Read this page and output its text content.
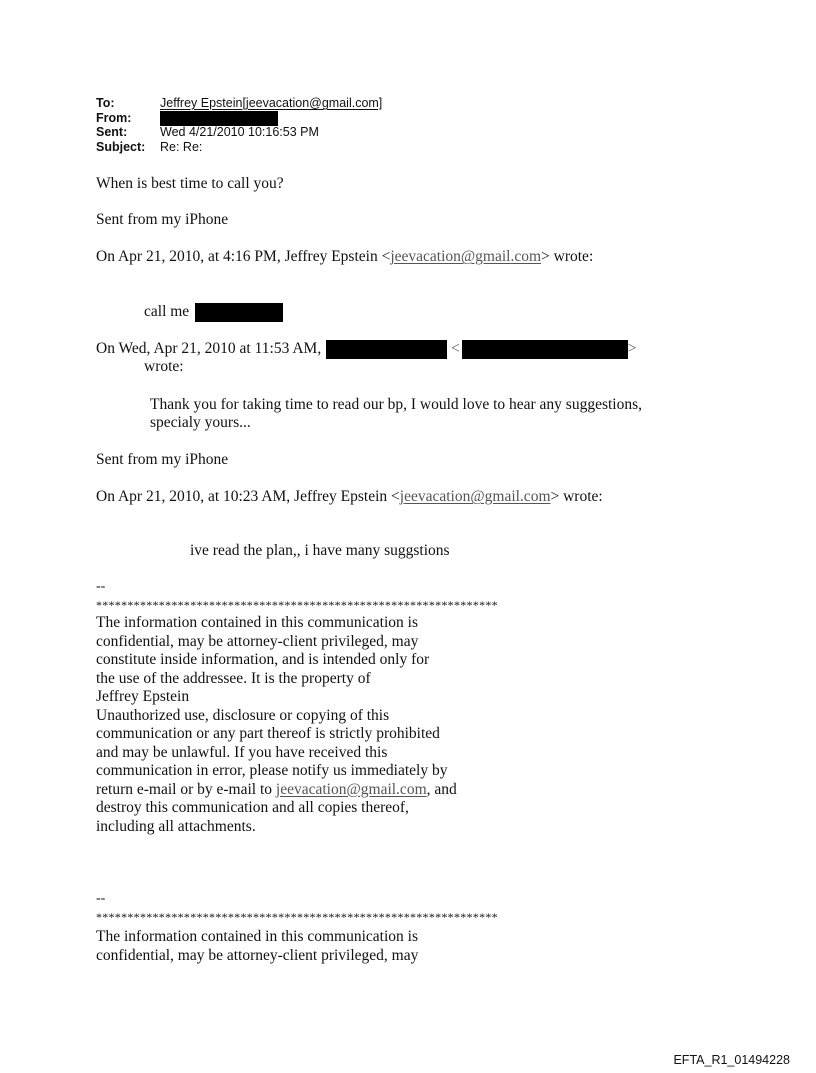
To:	Jeffrey Epstein[jeevacation@gmail.com]
From:
Sent:	Wed 4/21/2010 10:16:53 PM
Subject:	Re: Re:
When is best time to call you?
Sent from my iPhone
On Apr 21, 2010, at 4:16 PM, Jeffrey Epstein <jeevacation@gmail.com> wrote:
call me
On Wed, Apr 21, 2010 at 11:53 AM,	<	>
wrote:
Thank you for taking time to read our bp, I would love to hear any suggestions,
specialy yours...
Sent from my iPhone
On Apr 21, 2010, at 10:23 AM, Jeffrey Epstein <jeevacation@gmail.com> wrote:
ive read the plan,, i have many suggstions
--
****************************************************************
The information contained in this communication is
confidential, may be attorney-client privileged, may
constitute inside information, and is intended only for
the use of the addressee. It is the property of
Jeffrey Epstein
Unauthorized use, disclosure or copying of this
communication or any part thereof is strictly prohibited
and may be unlawful. If you have received this
communication in error, please notify us immediately by
return e-mail or by e-mail to jeevacation@gmail.com, and
destroy this communication and all copies thereof,
including all attachments.
--
****************************************************************
The information contained in this communication is
confidential, may be attorney-client privileged, may
EFTA_R1_01494228
